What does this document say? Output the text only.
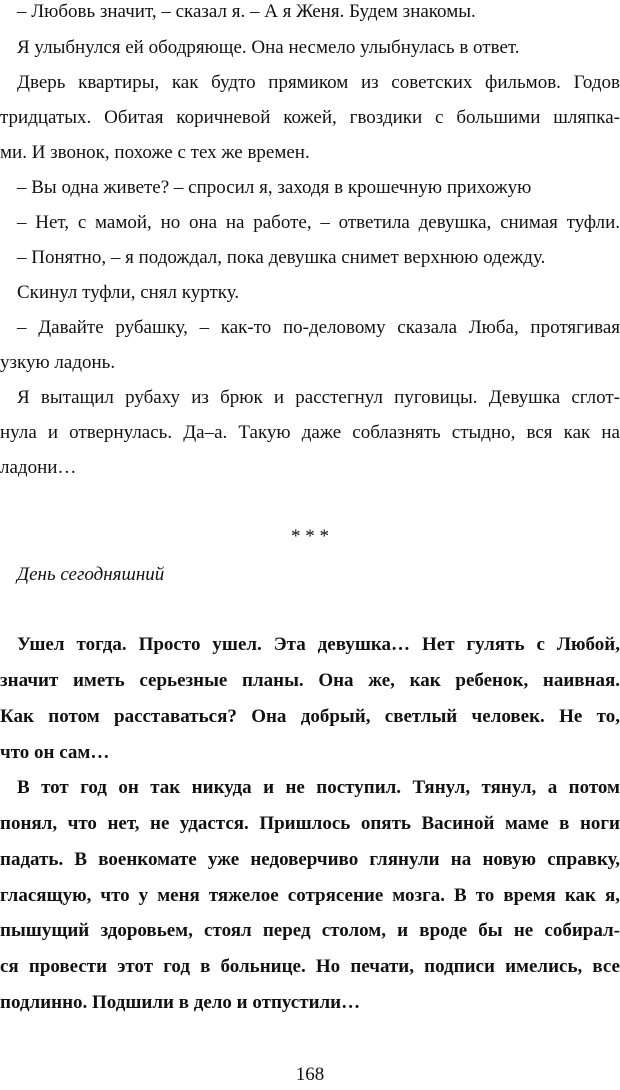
– Любовь значит, – сказал я. – А я Женя. Будем знакомы.

Я улыбнулся ей ободряюще. Она несмело улыбнулась в ответ.

Дверь квартиры, как будто прямиком из советских фильмов. Годов

тридцатых. Обитая коричневой кожей, гвоздики с большими шляпка-

ми. И звонок, похоже с тех же времен.

– Вы одна живете? – спросил я, заходя в крошечную прихожую

– Нет, с мамой, но она на работе, – ответила девушка, снимая туфли.

– Понятно, – я подождал, пока девушка снимет верхнюю одежду.

Скинул туфли, снял куртку.

– Давайте рубашку, – как-то по-деловому сказала Люба, протягивая

узкую ладонь.

Я вытащил рубаху из брюк и расстегнул пуговицы. Девушка сглот-

нула и отвернулась. Да–а. Такую даже соблазнять стыдно, вся как на

ладони…

* * *

День сегодняшний

Ушел тогда. Просто ушел. Эта девушка… Нет гулять с Любой,

значит иметь серьезные планы. Она же, как ребенок, наивная.

Как потом расставаться? Она добрый, светлый человек. Не то,

что он сам…

В тот год он так никуда и не поступил. Тянул, тянул, а потом

понял, что нет, не удастся. Пришлось опять Васиной маме в ноги

падать. В военкомате уже недоверчиво глянули на новую справку,

гласящую, что у меня тяжелое сотрясение мозга. В то время как я,

пышущий здоровьем, стоял перед столом, и вроде бы не собирал-

ся провести этот год в больнице. Но печати, подписи имелись, все

подлинно. Подшили в дело и отпустили…

168
